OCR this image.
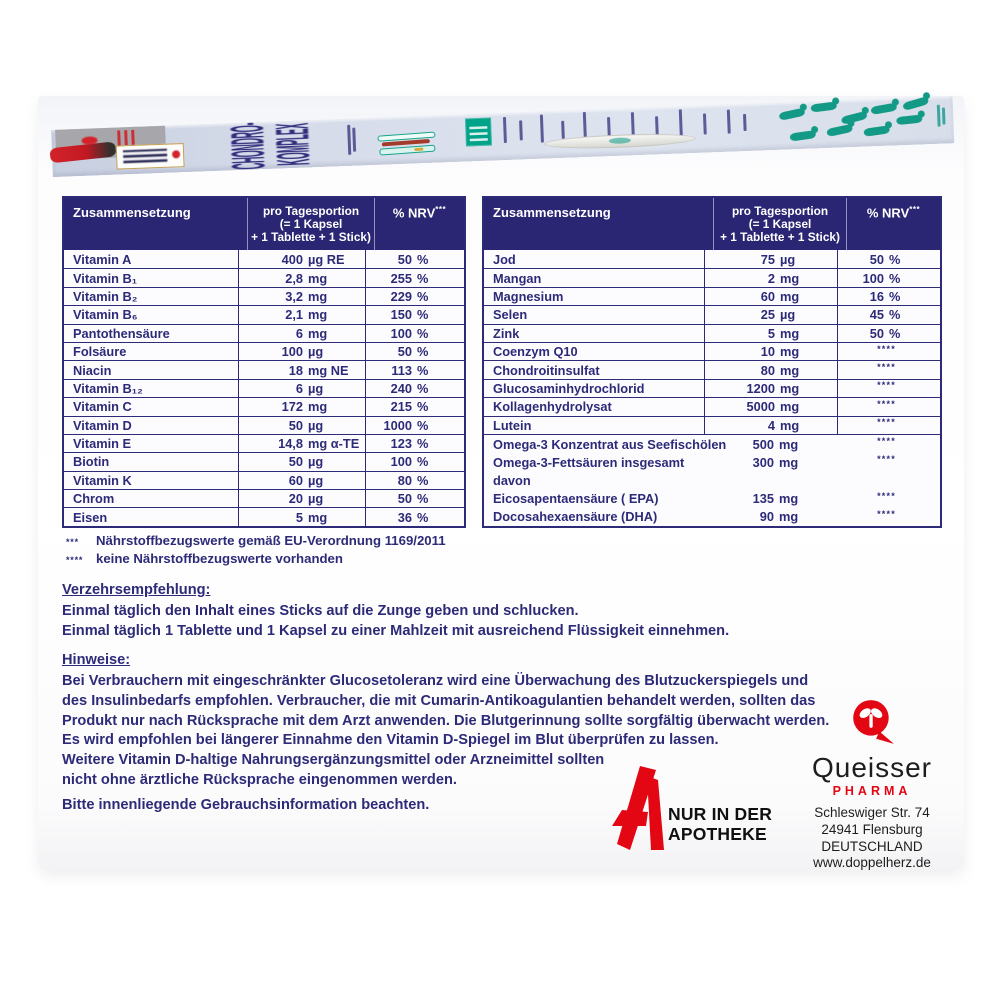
CHONDRO-
KOMPLEX
Zusammensetzung	pro Tagesportion
(= 1 Kapsel
+ 1 Tablette + 1 Stick)
% NRV***
Vitamin A	400 µg RE	50 %
Vitamin B₁	2,8 mg	255 %
Vitamin B₂	3,2 mg	229 %
Vitamin B₆	2,1 mg	150 %
Pantothensäure	6 mg	100 %
Folsäure	100 µg	50 %
Niacin	18 mg NE	113 %
Vitamin B₁₂	6 µg	240 %
Vitamin C	172 mg	215 %
Vitamin D	50 µg	1000 %
Vitamin E	14,8 mg α-TE	123 %
Biotin	50 µg	100 %
Vitamin K	60 µg	80 %
Chrom	20 µg	50 %
Eisen	5 mg	36 %
Zusammensetzung	pro Tagesportion
(= 1 Kapsel
+ 1 Tablette + 1 Stick)
% NRV***
Jod	75 µg	50 %
Mangan	2 mg	100 %
Magnesium	60 mg	16 %
Selen	25 µg	45 %
Zink	5 mg	50 %
Coenzym Q10	10 mg	****
Chondroitinsulfat	80 mg	****
Glucosaminhydrochlorid	1200 mg	****
Kollagenhydrolysat	5000 mg	****
Lutein	4 mg	****
Omega-3 Konzentrat aus Seefischölen	500 mg	****
Omega-3-Fettsäuren insgesamt	300 mg	****
davon
Eicosapentaensäure ( EPA)	135 mg	****
Docosahexaensäure (DHA)	90 mg	****
***	Nährstoffbezugswerte gemäß EU-Verordnung 1169/2011
**** keine Nährstoffbezugswerte vorhanden
Verzehrsempfehlung:
Einmal täglich den Inhalt eines Sticks auf die Zunge geben und schlucken.
Einmal täglich 1 Tablette und 1 Kapsel zu einer Mahlzeit mit ausreichend Flüssigkeit einnehmen.
Hinweise:
Bei Verbrauchern mit eingeschränkter Glucosetoleranz wird eine Überwachung des Blutzuckerspiegels und
des Insulinbedarfs empfohlen. Verbraucher, die mit Cumarin-Antikoagulantien behandelt werden, sollten das
Produkt nur nach Rücksprache mit dem Arzt anwenden. Die Blutgerinnung sollte sorgfältig überwacht werden.
Es wird empfohlen bei längerer Einnahme den Vitamin D-Spiegel im Blut überprüfen zu lassen.
Weitere Vitamin D-haltige Nahrungsergänzungsmittel oder Arzneimittel sollten
nicht ohne ärztliche Rücksprache eingenommen werden.
Bitte innenliegende Gebrauchsinformation beachten.	NUR IN DER
APOTHEKE
Queisser
PHARMA
Schleswiger Str. 74
24941 Flensburg
DEUTSCHLAND
www.doppelherz.de
